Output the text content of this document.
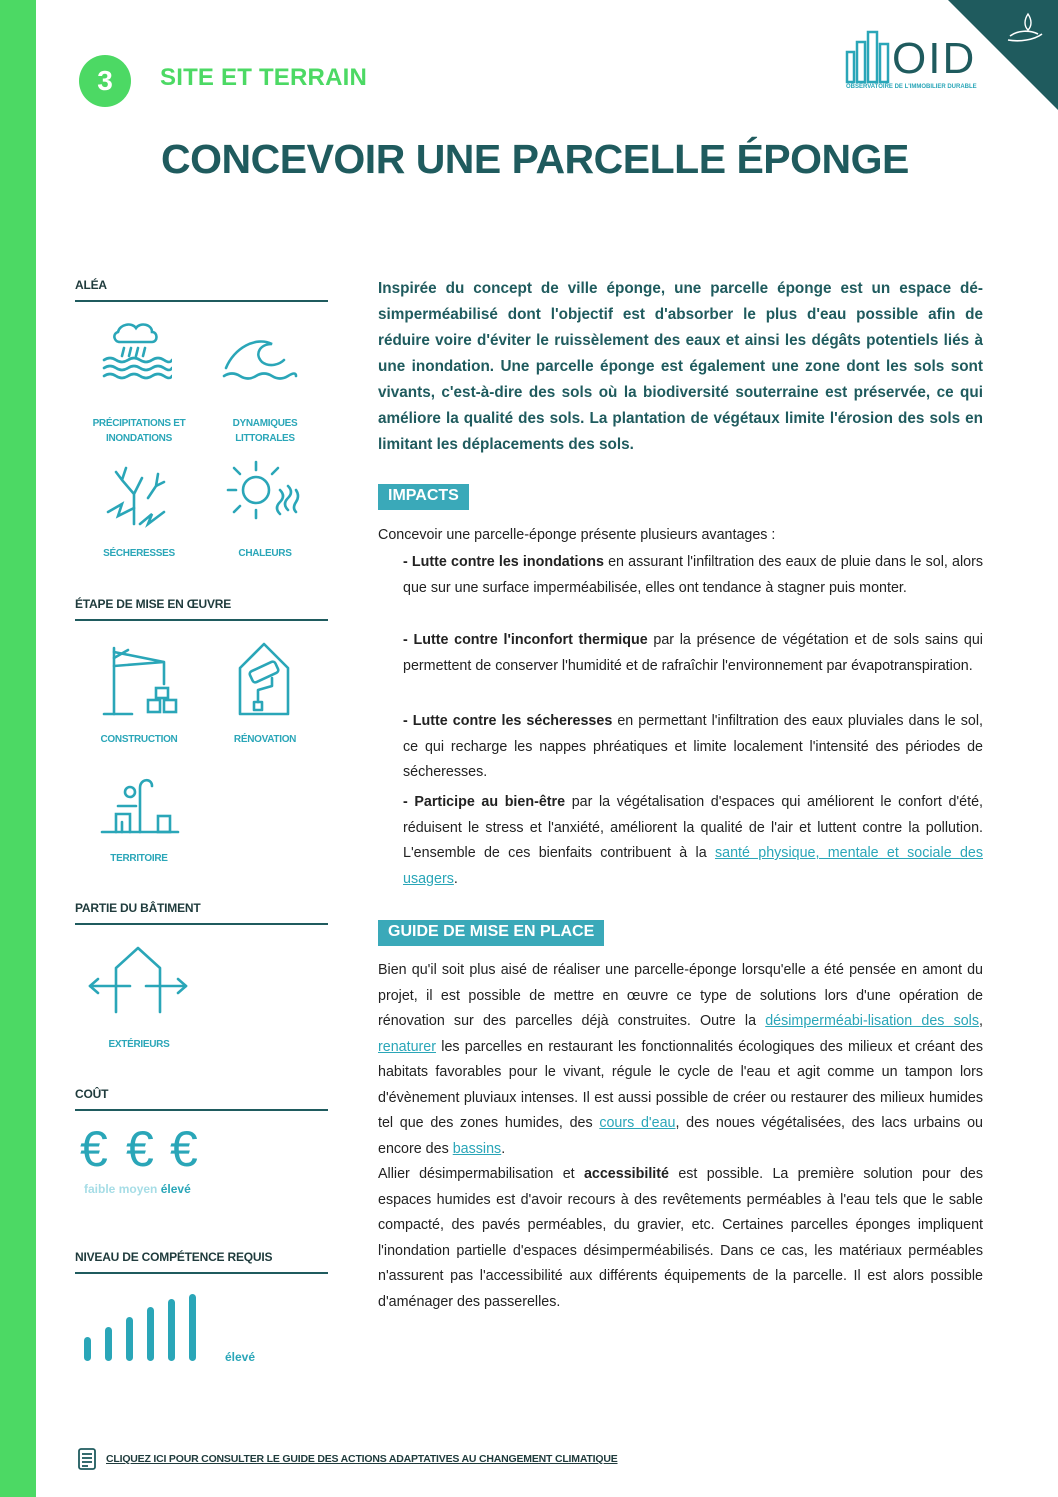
3	SITE ET TERRAIN	OID
OBSERVATOIRE DE L'IMMOBILIER DURABLE
CONCEVOIR UNE PARCELLE ÉPONGE
ALÉA
PRÉCIPITATIONS ET
INONDATIONS
DYNAMIQUES
LITTORALES
SÉCHERESSES	CHALEURS
ÉTAPE DE MISE EN ŒUVRE
CONSTRUCTION	RÉNOVATION
TERRITOIRE
PARTIE DU BÂTIMENT
EXTÉRIEURS
COÛT
€ € €
faible moyen élevé
NIVEAU DE COMPÉTENCE REQUIS
élevé
CLIQUEZ ICI POUR CONSULTER LE GUIDE DES ACTIONS ADAPTATIVES AU CHANGEMENT CLIMATIQUE
Inspirée du concept de ville éponge, une parcelle éponge est un espace dé-simperméabilisé dont l'objectif est d'absorber le plus d'eau possible afin de réduire voire d'éviter le ruissèlement des eaux et ainsi les dégâts potentiels liés à une inondation. Une parcelle éponge est également une zone dont les sols sont vivants, c'est-à-dire des sols où la biodiversité souterraine est préservée, ce qui améliore la qualité des sols. La plantation de végétaux limite l'érosion des sols en limitant les déplacements des sols.
IMPACTS
Concevoir une parcelle-éponge présente plusieurs avantages :
- Lutte contre les inondations en assurant l'infiltration des eaux de pluie dans le sol, alors que sur une surface imperméabilisée, elles ont tendance à stagner puis monter.
- Lutte contre l'inconfort thermique par la présence de végétation et de sols sains qui permettent de conserver l'humidité et de rafraîchir l'environnement par évapotranspiration.
- Lutte contre les sécheresses en permettant l'infiltration des eaux pluviales dans le sol, ce qui recharge les nappes phréatiques et limite localement l'intensité des périodes de sécheresses.
- Participe au bien-être par la végétalisation d'espaces qui améliorent le confort d'été, réduisent le stress et l'anxiété, améliorent la qualité de l'air et luttent contre la pollution. L'ensemble de ces bienfaits contribuent à la santé physique, mentale et sociale des usagers.
GUIDE DE MISE EN PLACE
Bien qu'il soit plus aisé de réaliser une parcelle-éponge lorsqu'elle a été pensée en amont du projet, il est possible de mettre en œuvre ce type de solutions lors d'une opération de rénovation sur des parcelles déjà construites. Outre la désimperméabi-lisation des sols, renaturer les parcelles en restaurant les fonctionnalités écologiques des milieux et créant des habitats favorables pour le vivant, régule le cycle de l'eau et agit comme un tampon lors d'évènement pluviaux intenses. Il est aussi possible de créer ou restaurer des milieux humides tel que des zones humides, des cours d'eau, des noues végétalisées, des lacs urbains ou encore des bassins.
Allier désimpermabilisation et accessibilité est possible. La première solution pour des espaces humides est d'avoir recours à des revêtements perméables à l'eau tels que le sable compacté, des pavés perméables, du gravier, etc. Certaines parcelles éponges impliquent l'inondation partielle d'espaces désimperméabilisés. Dans ce cas, les matériaux perméables n'assurent pas l'accessibilité aux différents équipements de la parcelle. Il est alors possible d'aménager des passerelles.
